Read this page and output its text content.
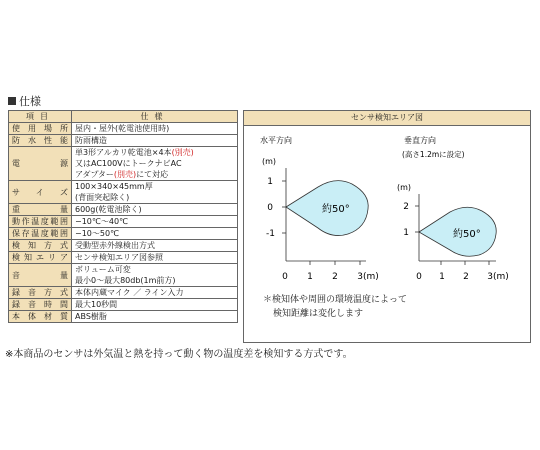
仕様
項目	仕様
使用場所	屋内・屋外(乾電池使用時)
防水性能	防雨構造
電源	単3形アルカリ乾電池×4本(別売)
又はAC100VにトークナビAC
アダプター(別売)にて対応

サイズ	100×340×45mm厚
(背面突起除く)

重量	600g(乾電池除く)
動作温度範囲	−10℃〜40℃
保存温度範囲	−10〜50℃
検知方式	受動型赤外線検出方式
検知エリア	センサ検知エリア図参照
音量	ボリューム可変
最小0〜最大80db(1m前方)

録音方式	本体内蔵マイク ／ ライン入力
録音時間	最大10秒間
本体材質	ABS樹脂
センサ検知エリア図
水平方向
(m)
1
0
-1
0 1 2 3(m)
約50°
垂直方向
(高さ1.2mに設定)
(m)
2
1
0 1 2 3(m)
約50°
＊検知体や周囲の環境温度によって
検知距離は変化します
※本商品のセンサは外気温と熱を持って動く物の温度差を検知する方式です。
